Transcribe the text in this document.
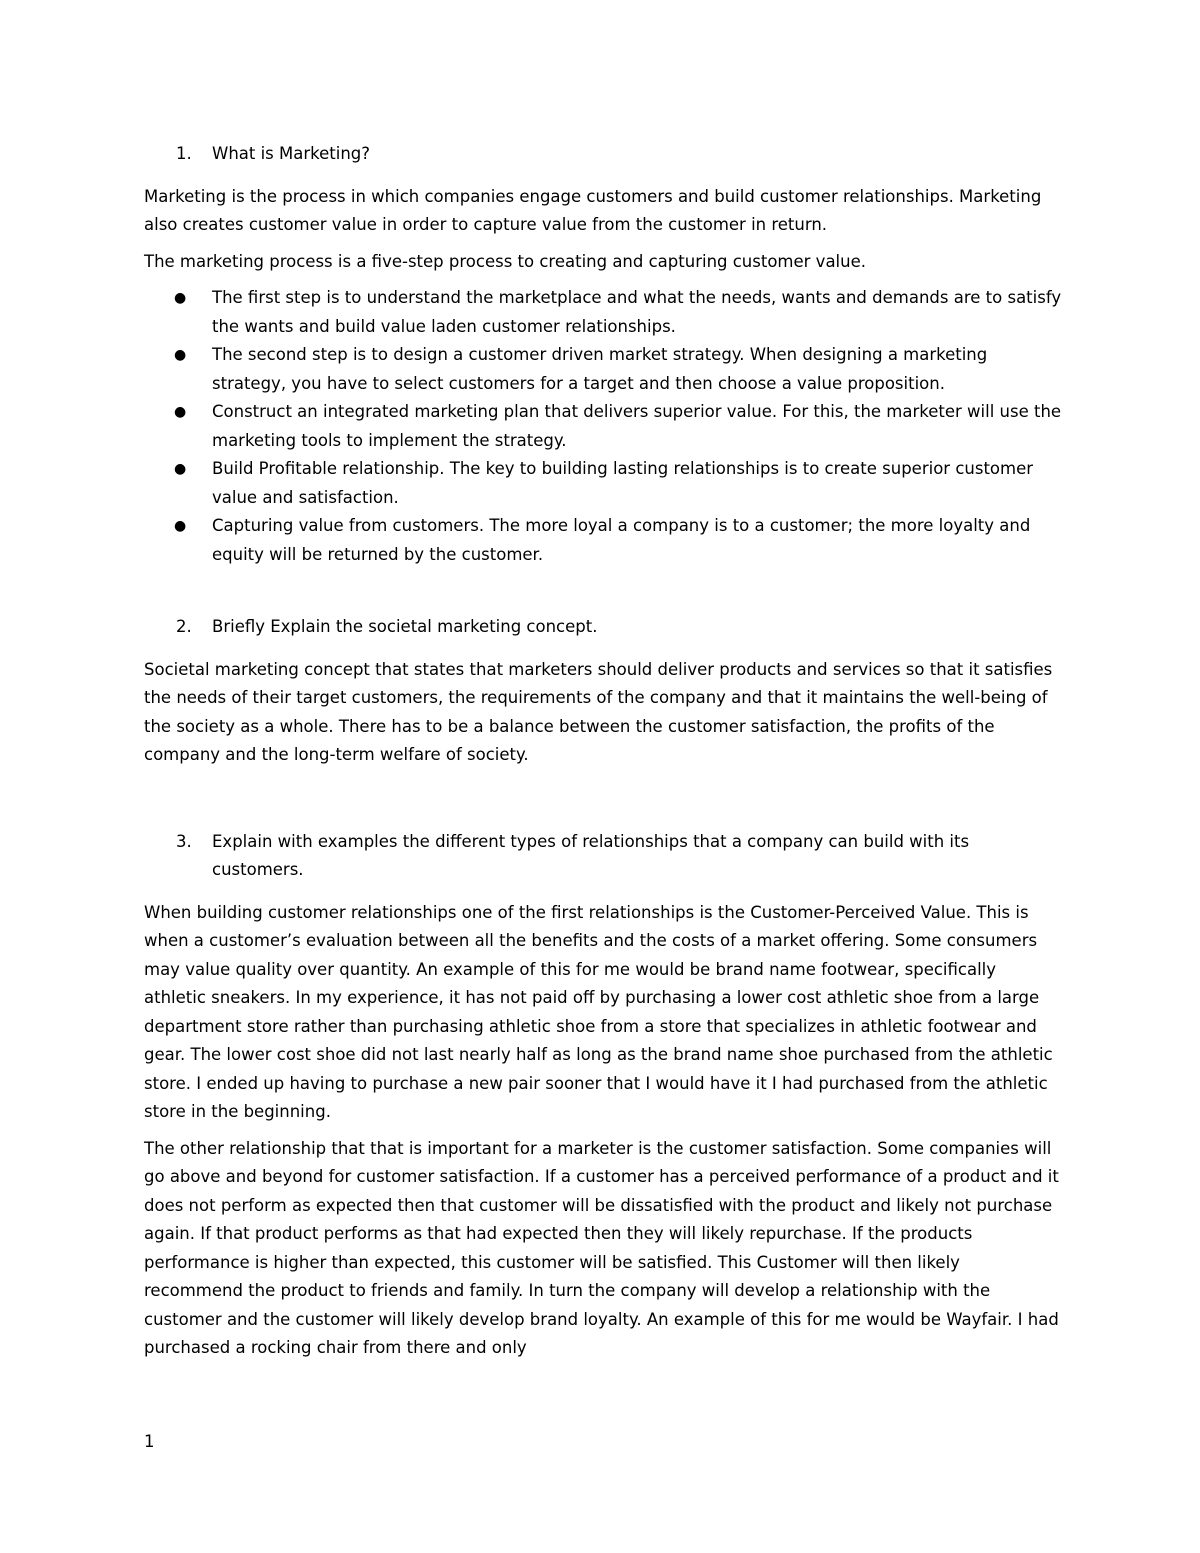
1.	What is Marketing?

Marketing is the process in which companies engage customers and build customer relationships. Marketing also creates customer value in order to capture value from the customer in return.

The marketing process is a five-step process to creating and capturing customer value.

●	The first step is to understand the marketplace and what the needs, wants and demands are to satisfy the wants and build value laden customer relationships.
●	The second step is to design a customer driven market strategy. When designing a marketing strategy, you have to select customers for a target and then choose a value proposition.
●	Construct an integrated marketing plan that delivers superior value. For this, the marketer will use the marketing tools to implement the strategy.
●	Build Profitable relationship. The key to building lasting relationships is to create superior customer value and satisfaction.
●	Capturing value from customers. The more loyal a company is to a customer; the more loyalty and equity will be returned by the customer.
2.	Briefly Explain the societal marketing concept.

Societal marketing concept that states that marketers should deliver products and services so that it satisfies the needs of their target customers, the requirements of the company and that it maintains the well-being of the society as a whole. There has to be a balance between the customer satisfaction, the profits of the company and the long-term welfare of society.

3.	Explain with examples the different types of relationships that a company can build with its customers.

When building customer relationships one of the first relationships is the Customer-Perceived Value. This is when a customer’s evaluation between all the benefits and the costs of a market offering. Some consumers may value quality over quantity. An example of this for me would be brand name footwear, specifically athletic sneakers. In my experience, it has not paid off by purchasing a lower cost athletic shoe from a large department store rather than purchasing athletic shoe from a store that specializes in athletic footwear and gear. The lower cost shoe did not last nearly half as long as the brand name shoe purchased from the athletic store. I ended up having to purchase a new pair sooner that I would have it I had purchased from the athletic store in the beginning.

The other relationship that that is important for a marketer is the customer satisfaction. Some companies will go above and beyond for customer satisfaction. If a customer has a perceived performance of a product and it does not perform as expected then that customer will be dissatisfied with the product and likely not purchase again. If that product performs as that had expected then they will likely repurchase. If the products performance is higher than expected, this customer will be satisfied. This Customer will then likely recommend the product to friends and family. In turn the company will develop a relationship with the customer and the customer will likely develop brand loyalty. An example of this for me would be Wayfair. I had purchased a rocking chair from there and only

1
